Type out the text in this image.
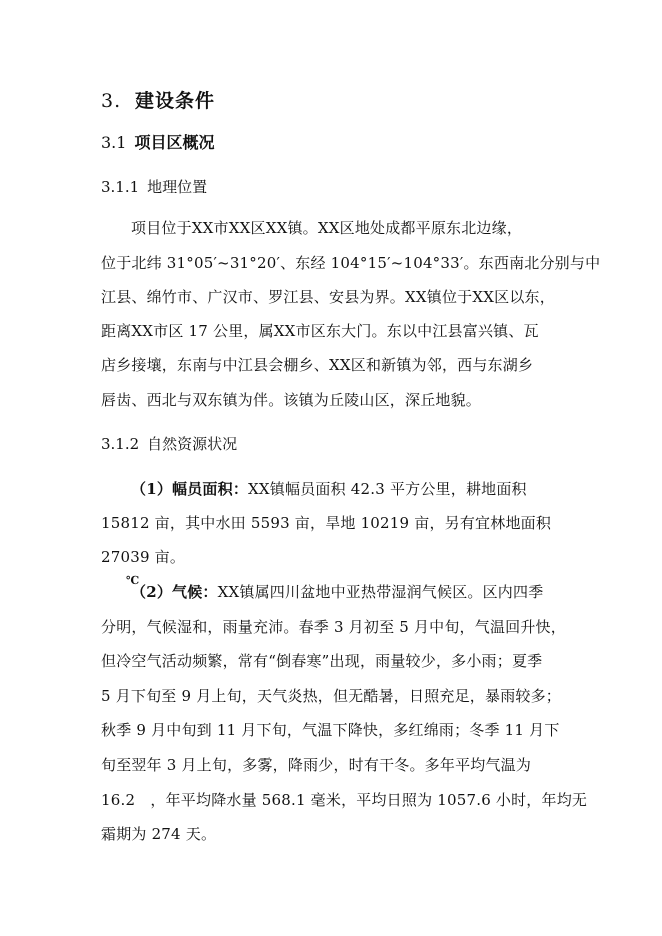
3. 建设条件
3.1 项目区概况
3.1.1 地理位置
项目位于XX市XX区XX镇。XX区地处成都平原东北边缘，
位于北纬 31°05′~31°20′、东经 104°15′~104°33′。东西南北分别与中
江县、绵竹市、广汉市、罗江县、安县为界。XX镇位于XX区以东，
距离XX市区 17 公里，属XX市区东大门。东以中江县富兴镇、瓦
店乡接壤，东南与中江县会棚乡、XX区和新镇为邻，西与东湖乡
唇齿、西北与双东镇为伴。该镇为丘陵山区，深丘地貌。
3.1.2 自然资源状况
（1）幅员面积：XX镇幅员面积 42.3 平方公里，耕地面积
15812 亩，其中水田 5593 亩，旱地 10219 亩，另有宜林地面积
27039 亩。
℃
（2）气候：XX镇属四川盆地中亚热带湿润气候区。区内四季
分明，气候湿和，雨量充沛。春季 3 月初至 5 月中旬，气温回升快，
但冷空气活动频繁，常有“倒春寒”出现，雨量较少，多小雨；夏季
5 月下旬至 9 月上旬，天气炎热，但无酷暑，日照充足，暴雨较多；
秋季 9 月中旬到 11 月下旬，气温下降快，多红绵雨；冬季 11 月下
旬至翌年 3 月上旬，多雾，降雨少，时有干冬。多年平均气温为
16.2　，年平均降水量 568.1 毫米，平均日照为 1057.6 小时，年均无
霜期为 274 天。
